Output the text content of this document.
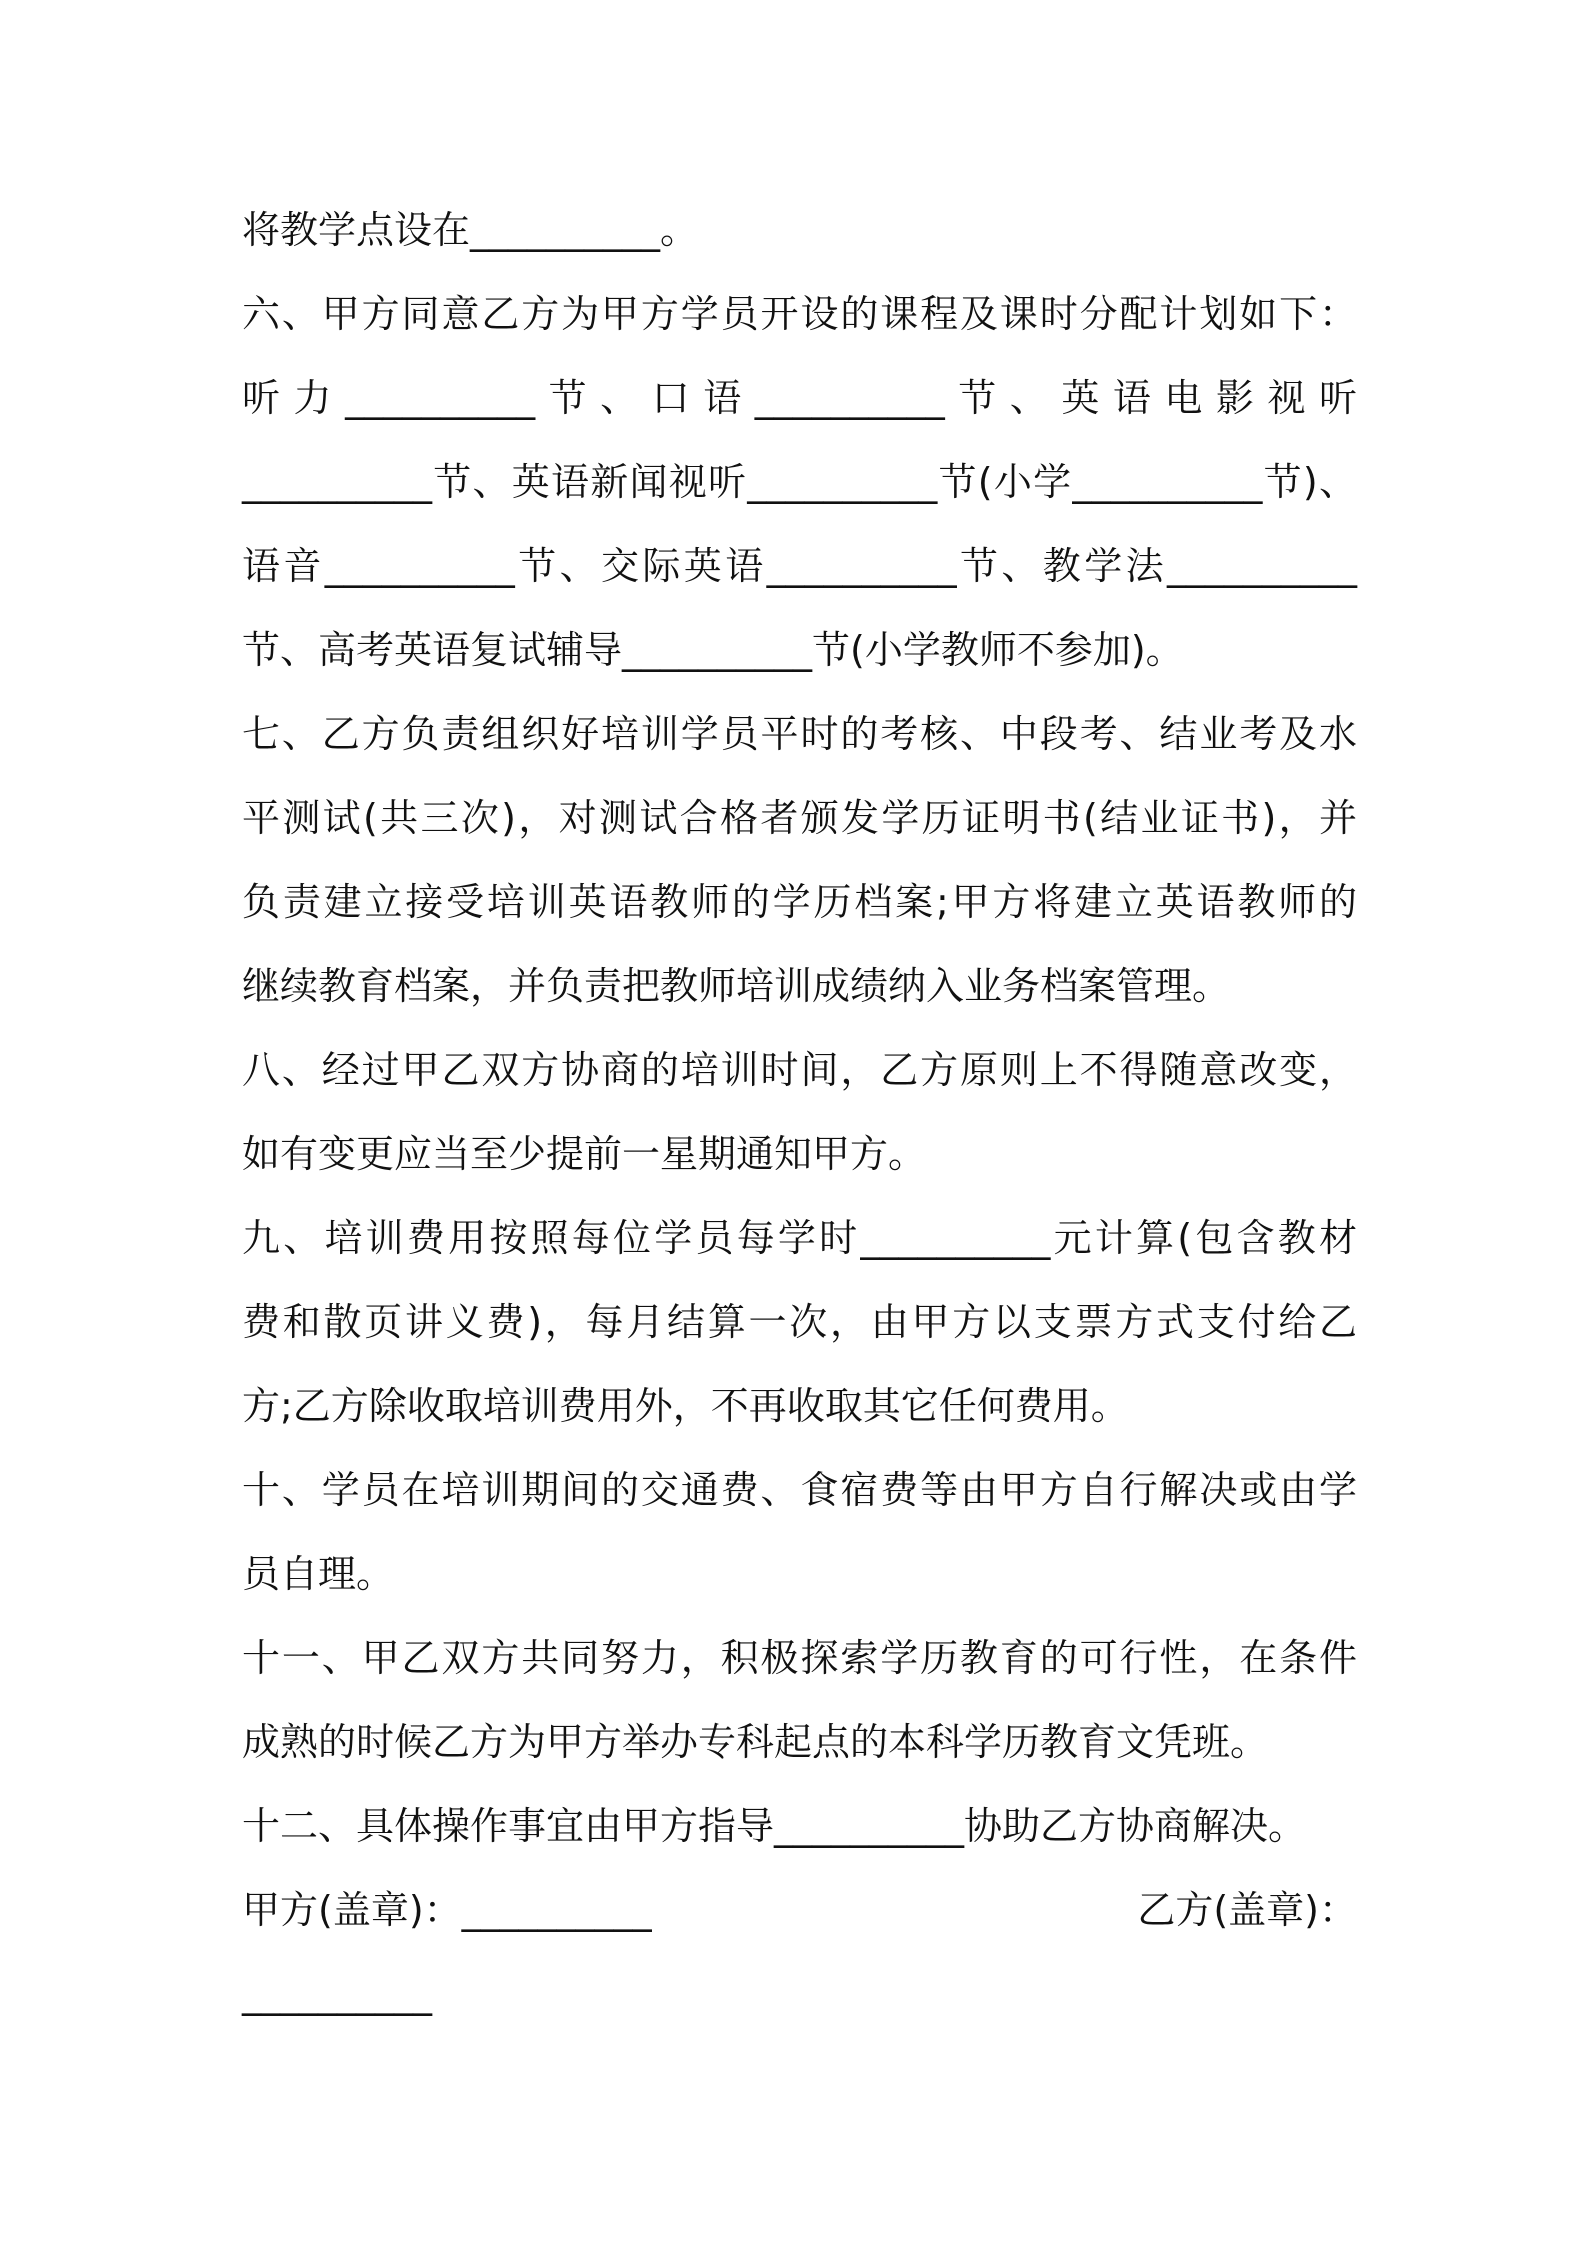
将教学点设在__________。
六、甲方同意乙方为甲方学员开设的课程及课时分配计划如下：
听力__________节、口语__________节、英语电影视听
__________节、英语新闻视听__________节(小学__________节)、
语音__________节、交际英语__________节、教学法__________
节、高考英语复试辅导__________节(小学教师不参加)。
七、乙方负责组织好培训学员平时的考核、中段考、结业考及水
平测试(共三次)，对测试合格者颁发学历证明书(结业证书)，并
负责建立接受培训英语教师的学历档案;甲方将建立英语教师的
继续教育档案，并负责把教师培训成绩纳入业务档案管理。
八、经过甲乙双方协商的培训时间，乙方原则上不得随意改变，
如有变更应当至少提前一星期通知甲方。
九、培训费用按照每位学员每学时__________元计算(包含教材
费和散页讲义费)，每月结算一次，由甲方以支票方式支付给乙
方;乙方除收取培训费用外，不再收取其它任何费用。
十、学员在培训期间的交通费、食宿费等由甲方自行解决或由学
员自理。
十一、甲乙双方共同努力，积极探索学历教育的可行性，在条件
成熟的时候乙方为甲方举办专科起点的本科学历教育文凭班。
十二、具体操作事宜由甲方指导__________协助乙方协商解决。
甲方(盖章)：__________	乙方(盖章)：
__________
